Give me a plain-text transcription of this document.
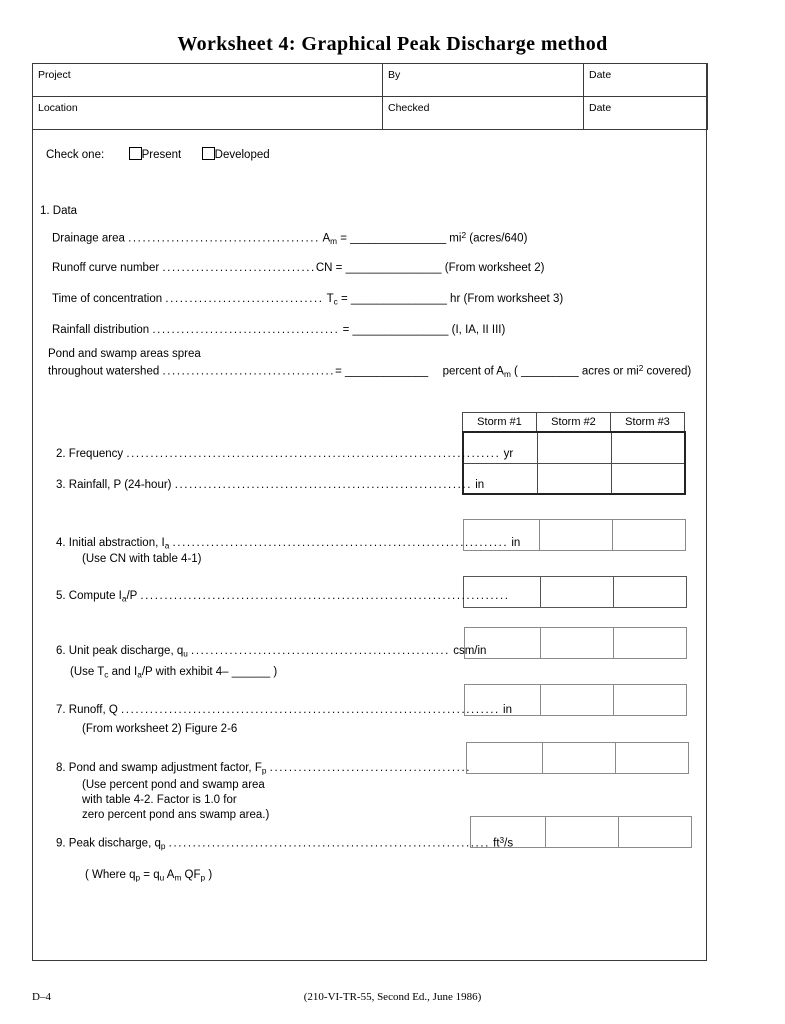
Worksheet 4: Graphical Peak Discharge method
Project	By	Date
Location	Checked	Date
Check one:	Present	Developed
1. Data
Drainage area ........................................ $A_m$ = _______________ $mi^2$ (acres/640)
Runoff curve number ................................CN = _______________ (From worksheet 2)
Time of concentration ................................. $T_c$ = _______________ hr (From worksheet 3)
Rainfall distribution ....................................... = _______________ (I, IA, II III)
Pond and swamp areas sprea
throughout watershed ....................................= _____________ percent of $A_m$ ( _________ acres or $mi^2$ covered)
Storm #1	Storm #2	Storm #3

2. Frequency .............................................................................. yr
3. Rainfall, P (24-hour) .............................................................. in

4. Initial abstraction, $I_a$ ...................................................................... in
(Use CN with table 4-1)

5. Compute $I_a/P$ .............................................................................

6. Unit peak discharge, $q_u$ ...................................................... csm/in
(Use $T_c$ and $I_a/P$ with exhibit 4– ______ )

7. Runoff, Q ............................................................................... in
(From worksheet 2) Figure 2-6

8. Pond and swamp adjustment factor, $F_p$ ..........................................
(Use percent pond and swamp area
with table 4-2. Factor is 1.0 for
zero percent pond ans swamp area.)

9. Peak discharge, $q_p$ ................................................................... $ft^3/s$
( Where $q_p = q_u$ $A_m$ $QF_p$ )
D–4	(210-VI-TR-55, Second Ed., June 1986)
